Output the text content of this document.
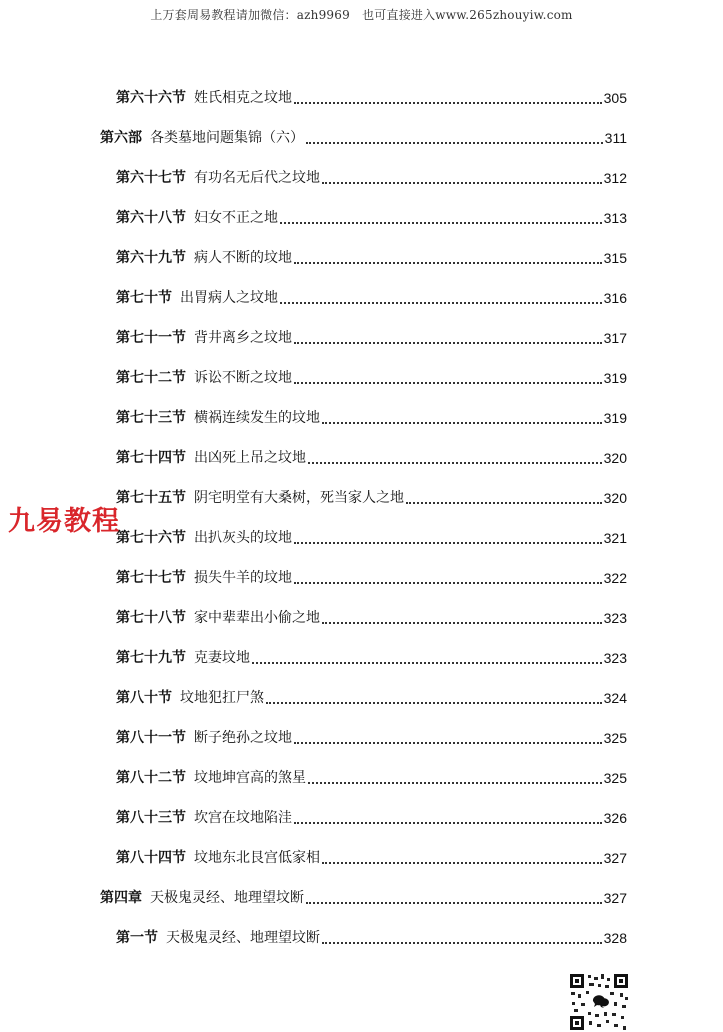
上万套周易教程请加微信：azh9969　也可直接进入www.265zhouyiw.com
第六十六节 姓氏相克之坟地	305
第六部 各类墓地问题集锦（六）	311
第六十七节 有功名无后代之坟地	312
第六十八节 妇女不正之地	313
第六十九节 病人不断的坟地	315
第七十节 出胃病人之坟地	316
第七十一节 背井离乡之坟地	317
第七十二节 诉讼不断之坟地	319
第七十三节 横祸连续发生的坟地	319
第七十四节 出凶死上吊之坟地	320
第七十五节 阴宅明堂有大桑树，死当家人之地	320
第七十六节 出扒灰头的坟地	321
第七十七节 损失牛羊的坟地	322
第七十八节 家中辈辈出小偷之地	323
第七十九节 克妻坟地	323
第八十节 坟地犯扛尸煞	324
第八十一节 断子绝孙之坟地	325
第八十二节 坟地坤宫高的煞星	325
第八十三节 坎宫在坟地陷洼	326
第八十四节 坟地东北艮宫低家相	327
第四章 天极鬼灵经、地理望坟断	327
第一节 天极鬼灵经、地理望坟断	328
九易教程
